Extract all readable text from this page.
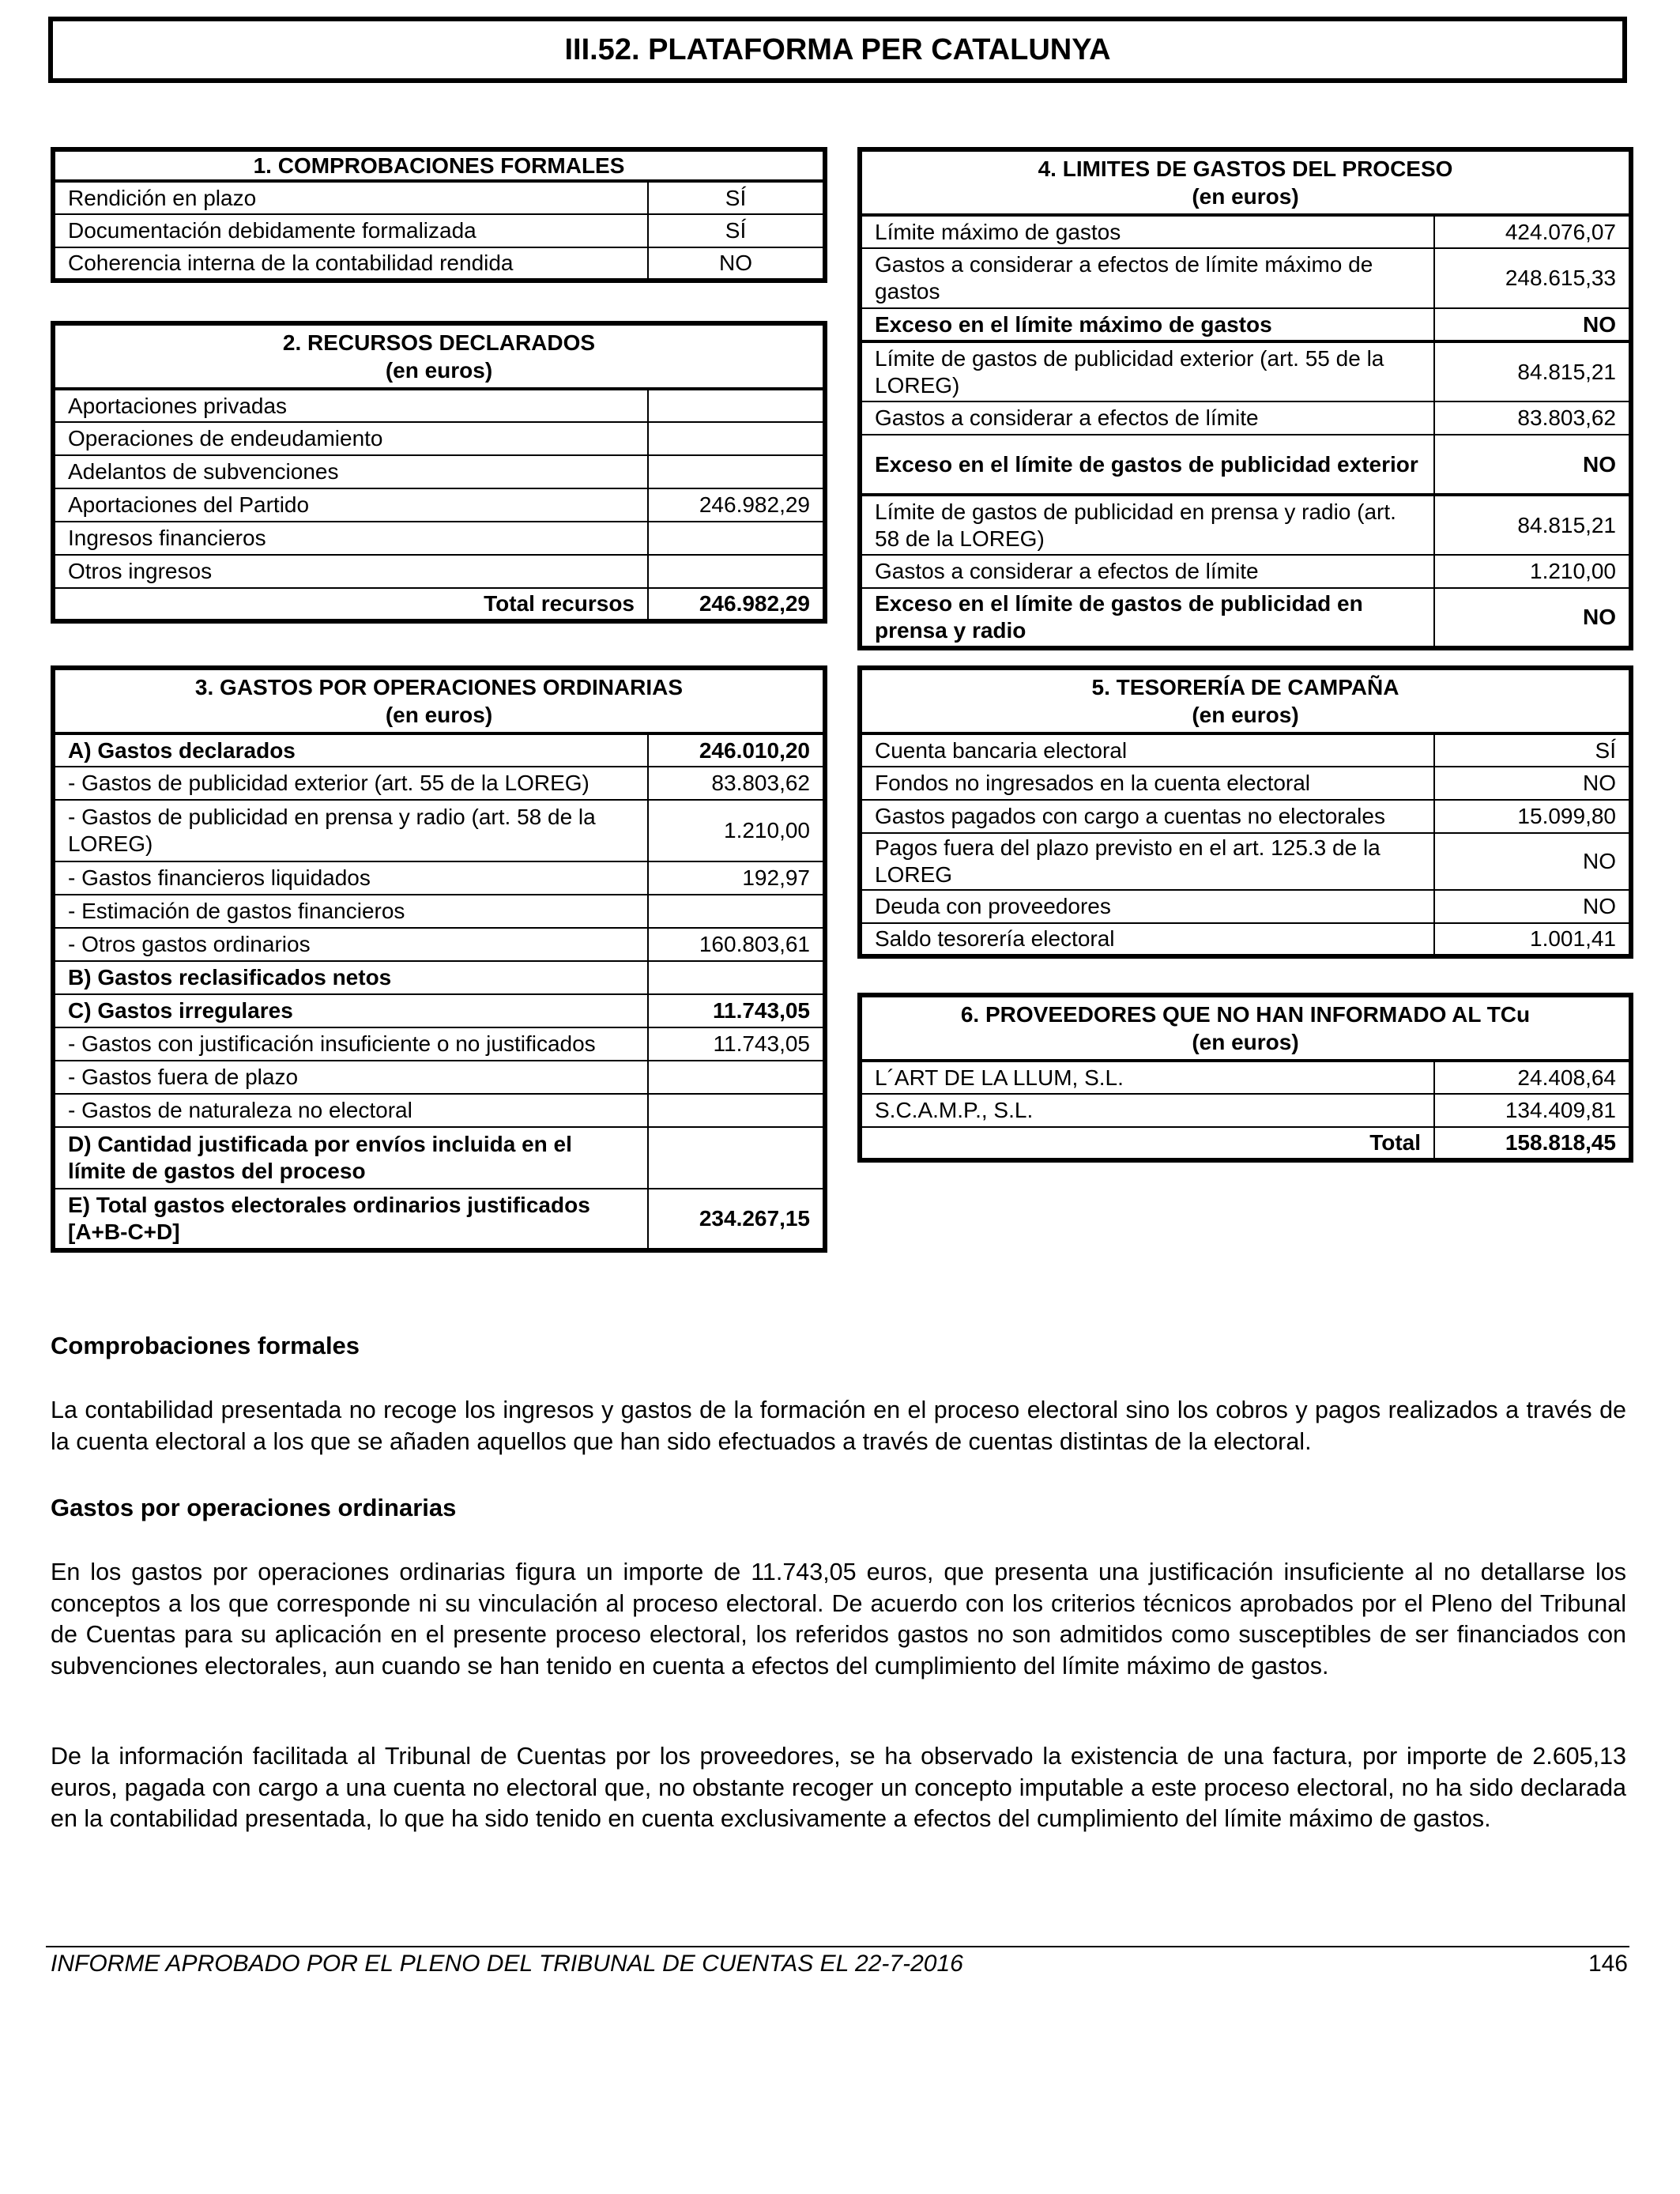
III.52. PLATAFORMA PER CATALUNYA
1. COMPROBACIONES FORMALES	
Rendición en plazo	SÍ
Documentación debidamente formalizada	SÍ
Coherencia interna de la contabilidad rendida	NO
2. RECURSOS DECLARADOS
(en euros)	

Aportaciones privadas	
Operaciones de endeudamiento	
Adelantos de subvenciones	
Aportaciones del Partido	246.982,29
Ingresos financieros	
Otros ingresos	
Total recursos	246.982,29
3. GASTOS POR OPERACIONES ORDINARIAS
(en euros)	

A) Gastos declarados	246.010,20
- Gastos de publicidad exterior (art. 55 de la LOREG)	83.803,62
- Gastos de publicidad en prensa y radio (art. 58 de la LOREG)	1.210,00
- Gastos financieros liquidados	192,97
- Estimación de gastos financieros	
- Otros gastos ordinarios	160.803,61
B) Gastos reclasificados netos	
C) Gastos irregulares	11.743,05
- Gastos con justificación insuficiente o no justificados	11.743,05
- Gastos fuera de plazo	
- Gastos de naturaleza no electoral	
D) Cantidad justificada por envíos incluida en el límite de gastos del proceso	
E) Total gastos electorales ordinarios justificados [A+B-C+D]	234.267,15
4. LIMITES DE GASTOS DEL PROCESO
(en euros)	

Límite máximo de gastos	424.076,07
Gastos a considerar a efectos de límite máximo de gastos	248.615,33
Exceso en el límite máximo de gastos	NO
Límite de gastos de publicidad exterior (art. 55 de la LOREG)	84.815,21
Gastos a considerar a efectos de límite	83.803,62
Exceso en el límite de gastos de publicidad exterior	NO
Límite de gastos de publicidad en prensa y radio (art. 58 de la LOREG)	84.815,21
Gastos a considerar a efectos de límite	1.210,00
Exceso en el límite de gastos de publicidad en prensa y radio	NO
5. TESORERÍA DE CAMPAÑA
(en euros)	

Cuenta bancaria electoral	SÍ
Fondos no ingresados en la cuenta electoral	NO
Gastos pagados con cargo a cuentas no electorales	15.099,80
Pagos fuera del plazo previsto en el art. 125.3 de la LOREG	NO
Deuda con proveedores	NO
Saldo tesorería electoral	1.001,41
6. PROVEEDORES QUE NO HAN INFORMADO AL TCu
(en euros)	

L´ART DE LA LLUM, S.L.	24.408,64
S.C.A.M.P., S.L.	134.409,81
Total	158.818,45
Comprobaciones formales

La contabilidad presentada no recoge los ingresos y gastos de la formación en el proceso electoral sino los cobros y pagos realizados a través de la cuenta electoral a los que se añaden aquellos que han sido efectuados a través de cuentas distintas de la electoral.

Gastos por operaciones ordinarias

En los gastos por operaciones ordinarias figura un importe de 11.743,05 euros, que presenta una justificación insuficiente al no detallarse los conceptos a los que corresponde ni su vinculación al proceso electoral. De acuerdo con los criterios técnicos aprobados por el Pleno del Tribunal de Cuentas para su aplicación en el presente proceso electoral, los referidos gastos no son admitidos como susceptibles de ser financiados con subvenciones electorales, aun cuando se han tenido en cuenta a efectos del cumplimiento del límite máximo de gastos.

De la información facilitada al Tribunal de Cuentas por los proveedores, se ha observado la existencia de una factura, por importe de 2.605,13 euros, pagada con cargo a una cuenta no electoral que, no obstante recoger un concepto imputable a este proceso electoral, no ha sido declarada en la contabilidad presentada, lo que ha sido tenido en cuenta exclusivamente a efectos del cumplimiento del límite máximo de gastos.

INFORME APROBADO POR EL PLENO DEL TRIBUNAL DE CUENTAS EL 22-7-2016	146
